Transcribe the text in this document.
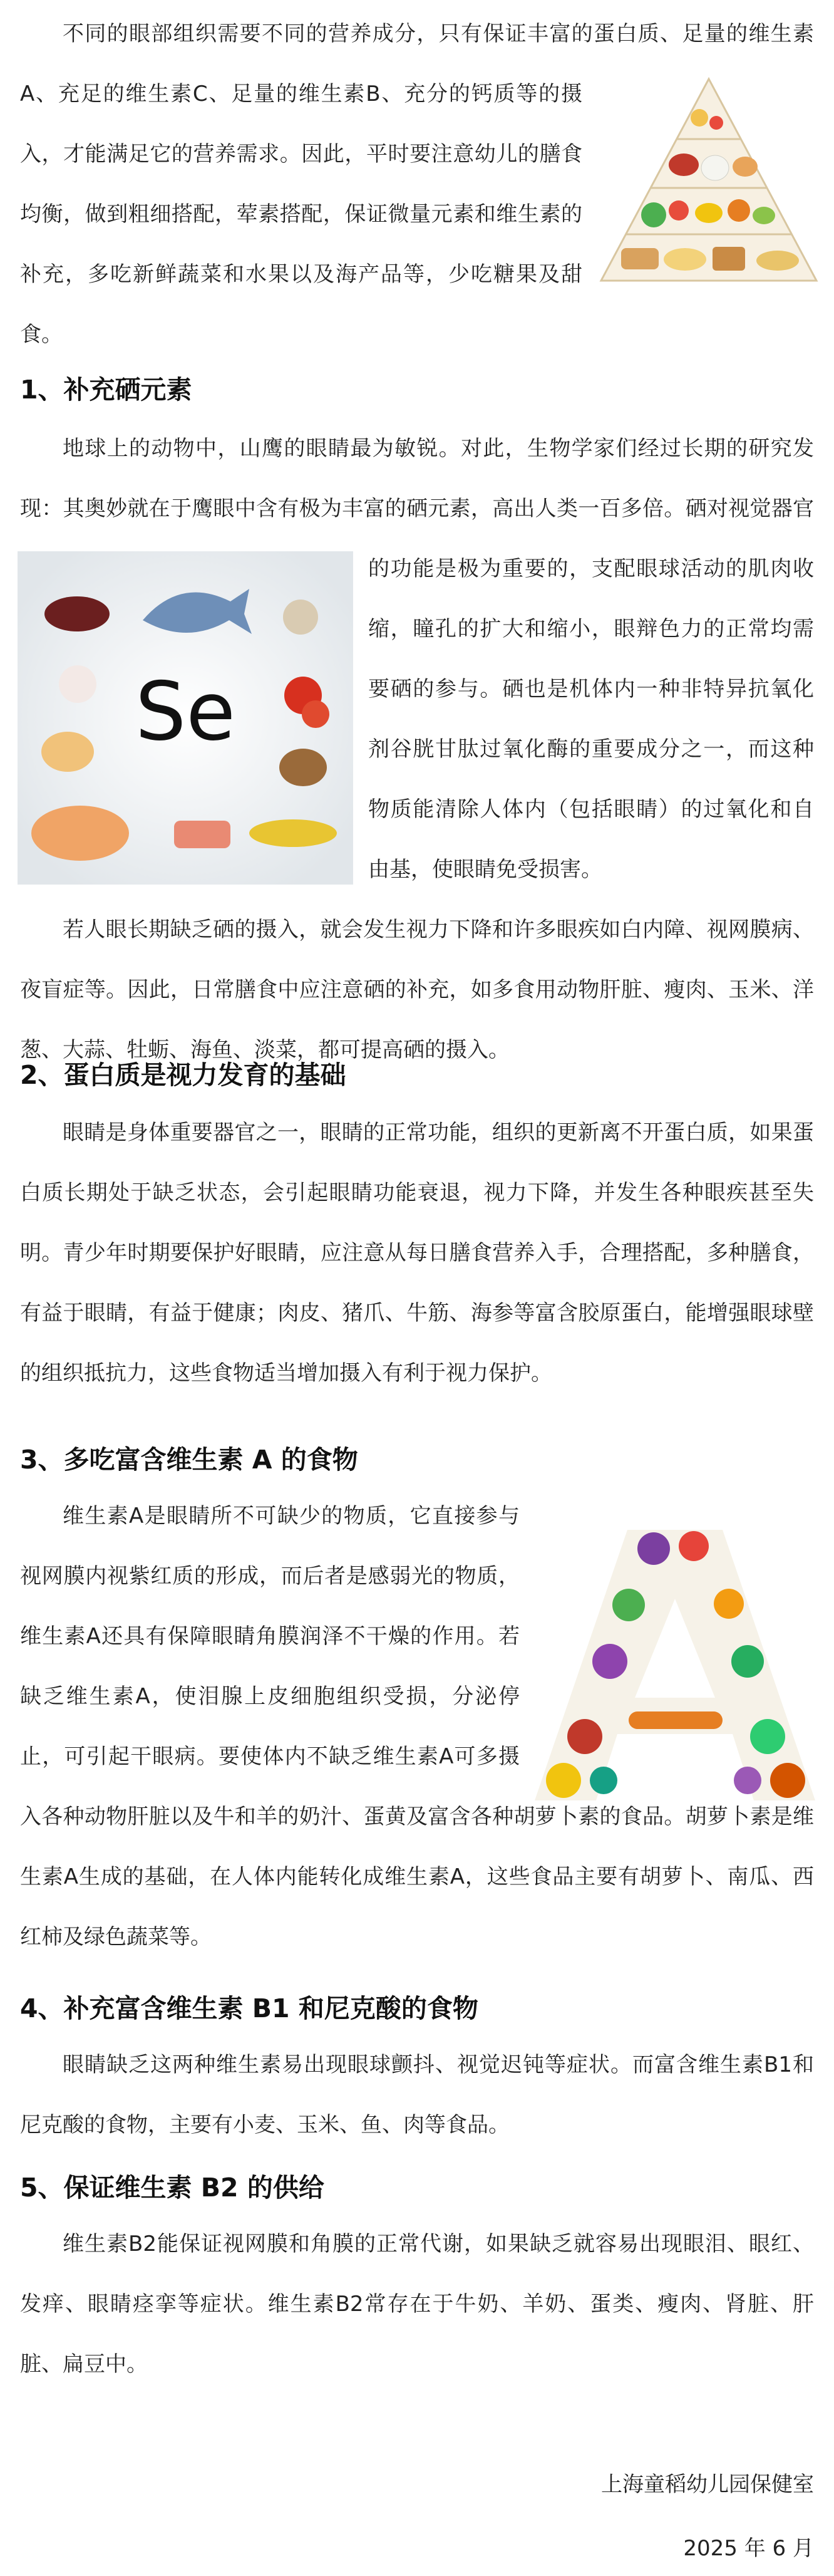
不同的眼部组织需要不同的营养成分，只有保证丰富的蛋白质、足量的维生素A、充足的维生素C、足量的维生素B、充分的钙质等的摄入，才能满足它的营养需求。因此，平时要注意幼儿的膳食均衡，做到粗细搭配，荤素搭配，保证微量元素和维生素的补充，多吃新鲜蔬菜和水果以及海产品等，少吃糖果及甜食。

1、补充硒元素
Se

地球上的动物中，山鹰的眼睛最为敏锐。对此，生物学家们经过长期的研究发现：其奥妙就在于鹰眼中含有极为丰富的硒元素，高出人类一百多倍。硒对视觉器官的功能是极为重要的，支配眼球活动的肌肉收缩，瞳孔的扩大和缩小，眼辩色力的正常均需要硒的参与。硒也是机体内一种非特异抗氧化剂谷胱甘肽过氧化酶的重要成分之一，而这种物质能清除人体内（包括眼睛）的过氧化和自由基，使眼睛免受损害。

若人眼长期缺乏硒的摄入，就会发生视力下降和许多眼疾如白内障、视网膜病、夜盲症等。因此，日常膳食中应注意硒的补充，如多食用动物肝脏、瘦肉、玉米、洋葱、大蒜、牡蛎、海鱼、淡菜，都可提高硒的摄入。

2、蛋白质是视力发育的基础

眼睛是身体重要器官之一，眼睛的正常功能，组织的更新离不开蛋白质，如果蛋白质长期处于缺乏状态，会引起眼睛功能衰退，视力下降，并发生各种眼疾甚至失明。青少年时期要保护好眼睛，应注意从每日膳食营养入手，合理搭配，多种膳食，有益于眼睛，有益于健康；肉皮、猪爪、牛筋、海参等富含胶原蛋白，能增强眼球壁的组织抵抗力，这些食物适当增加摄入有利于视力保护。

3、多吃富含维生素 A 的食物

维生素A是眼睛所不可缺少的物质，它直接参与视网膜内视紫红质的形成，而后者是感弱光的物质，维生素A还具有保障眼睛角膜润泽不干燥的作用。若缺乏维生素A，使泪腺上皮细胞组织受损，分泌停止，可引起干眼病。要使体内不缺乏维生素A可多摄入各种动物肝脏以及牛和羊的奶汁、蛋黄及富含各种胡萝卜素的食品。胡萝卜素是维生素A生成的基础，在人体内能转化成维生素A，这些食品主要有胡萝卜、南瓜、西红柿及绿色蔬菜等。

4、补充富含维生素 B1 和尼克酸的食物

眼睛缺乏这两种维生素易出现眼球颤抖、视觉迟钝等症状。而富含维生素B1和尼克酸的食物，主要有小麦、玉米、鱼、肉等食品。

5、保证维生素 B2 的供给

维生素B2能保证视网膜和角膜的正常代谢，如果缺乏就容易出现眼泪、眼红、发痒、眼睛痉挛等症状。维生素B2常存在于牛奶、羊奶、蛋类、瘦肉、肾脏、肝脏、扁豆中。

上海童稻幼儿园保健室
2025 年 6 月
